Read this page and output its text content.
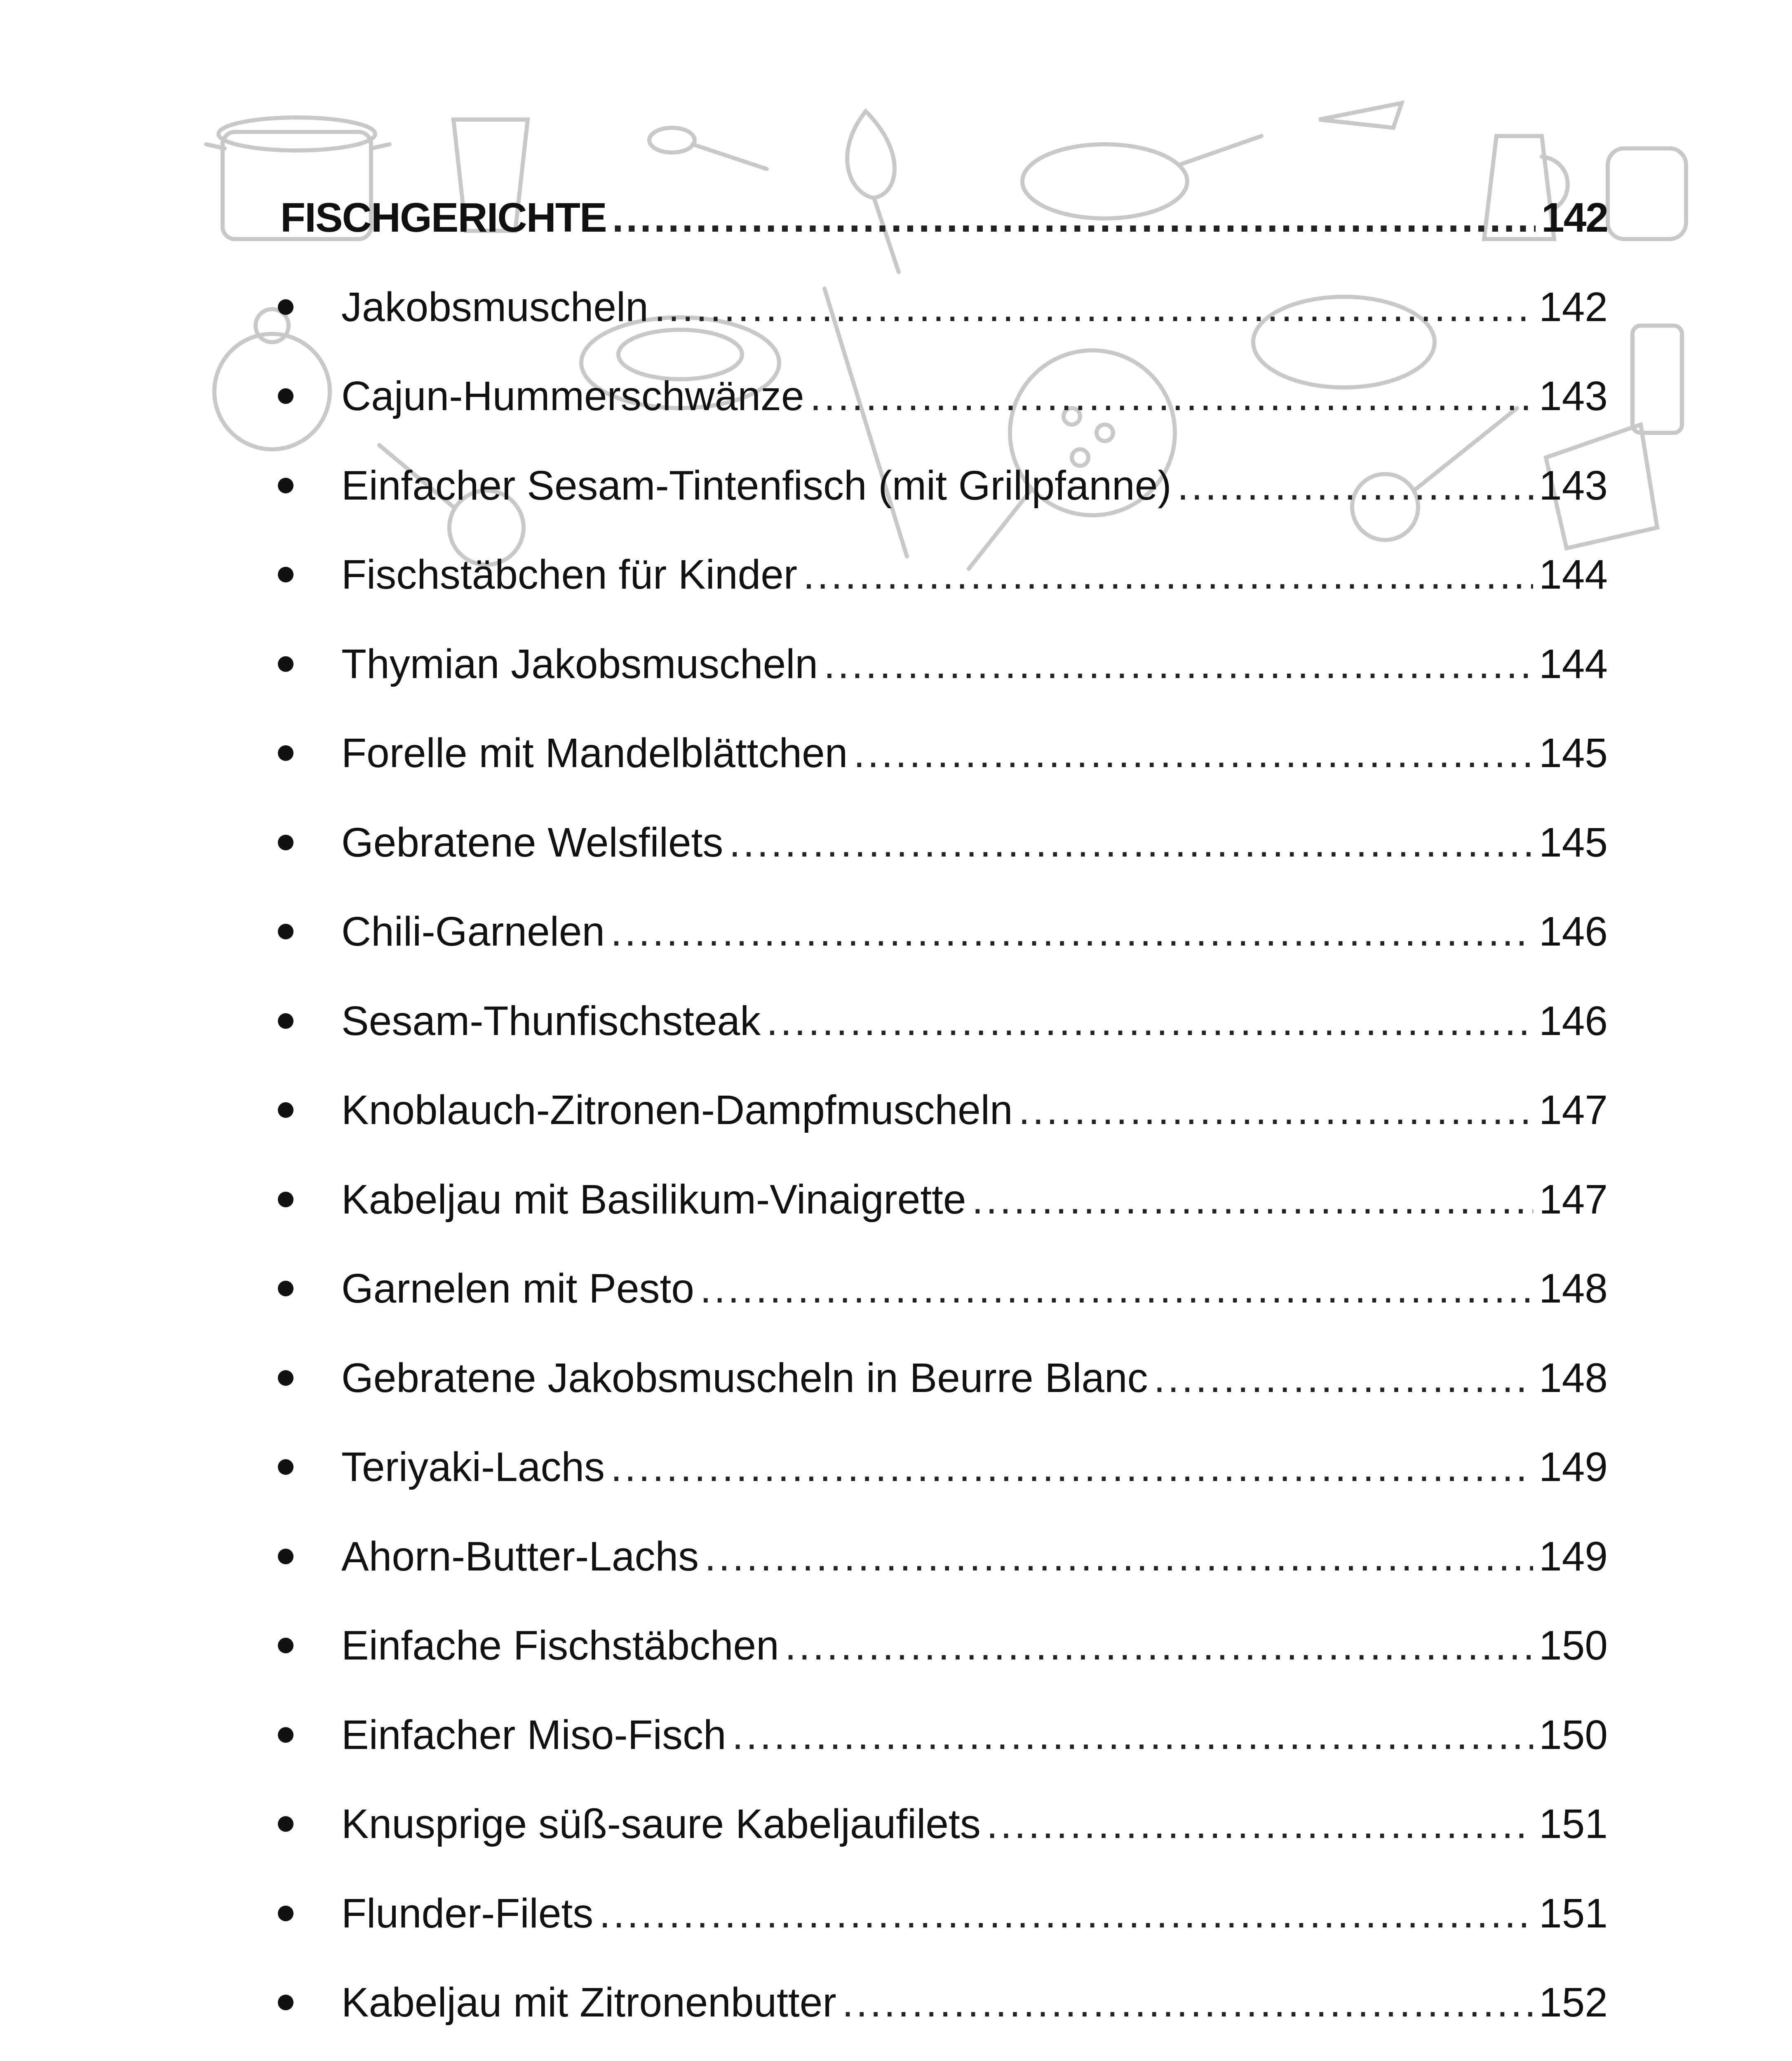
FISCHGERICHTE .....	142
Jakobsmuscheln .....	142
Cajun-Hummerschwänze .....	143
Einfacher Sesam-Tintenfisch (mit Grillpfanne) .....	143
Fischstäbchen für Kinder .....	144
Thymian Jakobsmuscheln .....	144
Forelle mit Mandelblättchen .....	145
Gebratene Welsfilets .....	145
Chili-Garnelen .....	146
Sesam-Thunfischsteak .....	146
Knoblauch-Zitronen-Dampfmuscheln .....	147
Kabeljau mit Basilikum-Vinaigrette .....	147
Garnelen mit Pesto .....	148
Gebratene Jakobsmuscheln in Beurre Blanc .....	148
Teriyaki-Lachs .....	149
Ahorn-Butter-Lachs .....	149
Einfache Fischstäbchen .....	150
Einfacher Miso-Fisch .....	150
Knusprige süß-saure Kabeljaufilets .....	151
Flunder-Filets .....	151
Kabeljau mit Zitronenbutter .....	152
.....
